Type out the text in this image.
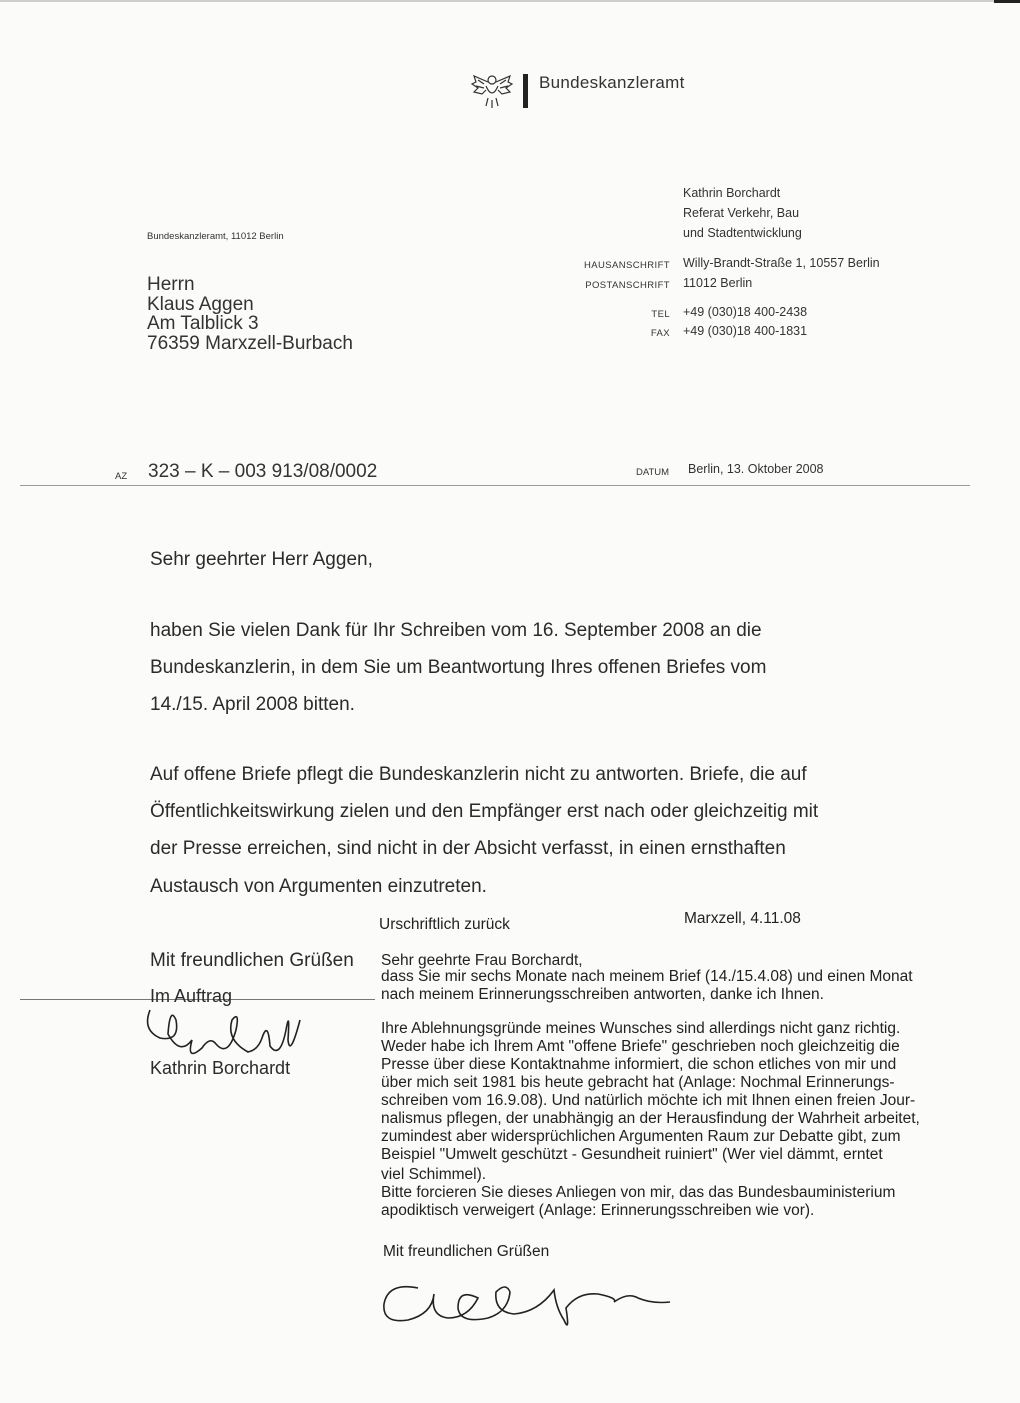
Bundeskanzleramt
Kathrin Borchardt
Referat Verkehr, Bau
und Stadtentwicklung
HAUSANSCHRIFT Willy-Brandt-Straße 1, 10557 Berlin
POSTANSCHRIFT 11012 Berlin
TEL +49 (030)18 400-2438
FAX +49 (030)18 400-1831
Bundeskanzleramt, 11012 Berlin
Herrn
Klaus Aggen
Am Talblick 3
76359 Marxzell-Burbach
AZ 323 – K – 003 913/08/0002	DATUM Berlin, 13. Oktober 2008
Sehr geehrter Herr Aggen,
haben Sie vielen Dank für Ihr Schreiben vom 16. September 2008 an die
Bundeskanzlerin, in dem Sie um Beantwortung Ihres offenen Briefes vom
14./15. April 2008 bitten.
Auf offene Briefe pflegt die Bundeskanzlerin nicht zu antworten. Briefe, die auf
Öffentlichkeitswirkung zielen und den Empfänger erst nach oder gleichzeitig mit
der Presse erreichen, sind nicht in der Absicht verfasst, in einen ernsthaften
Austausch von Argumenten einzutreten.
Mit freundlichen Grüßen
Im Auftrag
Kathrin Borchardt
Urschriftlich zurück	Marxzell, 4.11.08
Sehr geehrte Frau Borchardt,
dass Sie mir sechs Monate nach meinem Brief (14./15.4.08) und einen Monat
nach meinem Erinnerungsschreiben antworten, danke ich Ihnen.
Ihre Ablehnungsgründe meines Wunsches sind allerdings nicht ganz richtig.
Weder habe ich Ihrem Amt "offene Briefe" geschrieben noch gleichzeitig die
Presse über diese Kontaktnahme informiert, die schon etliches von mir und
über mich seit 1981 bis heute gebracht hat (Anlage: Nochmal Erinnerungs-
schreiben vom 16.9.08). Und natürlich möchte ich mit Ihnen einen freien Jour-
nalismus pflegen, der unabhängig an der Herausfindung der Wahrheit arbeitet,
zumindest aber widersprüchlichen Argumenten Raum zur Debatte gibt, zum
Beispiel "Umwelt geschützt - Gesundheit ruiniert" (Wer viel dämmt, erntet
viel Schimmel).
Bitte forcieren Sie dieses Anliegen von mir, das das Bundesbauministerium
apodiktisch verweigert (Anlage: Erinnerungsschreiben wie vor).
Mit freundlichen Grüßen
